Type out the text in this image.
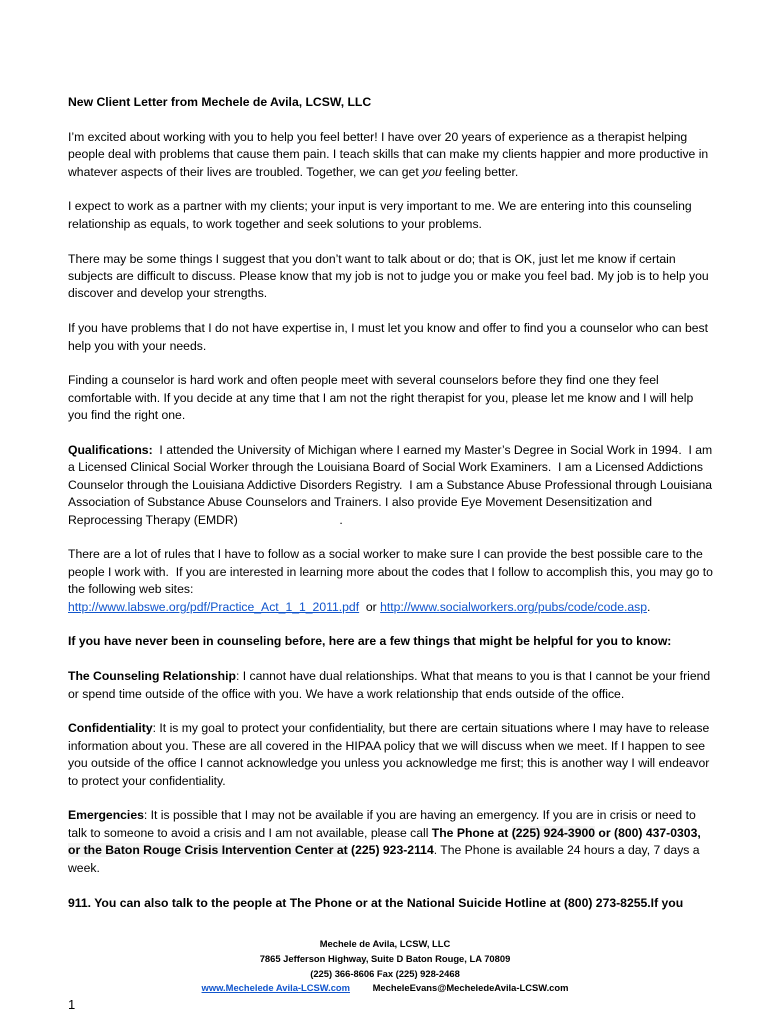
New Client Letter from Mechele de Avila, LCSW, LLC

I’m excited about working with you to help you feel better! I have over 20 years of experience as a therapist helping people deal with problems that cause them pain. I teach skills that can make my clients happier and more productive in whatever aspects of their lives are troubled. Together, we can get you feeling better.

I expect to work as a partner with my clients; your input is very important to me. We are entering into this counseling relationship as equals, to work together and seek solutions to your problems.

There may be some things I suggest that you don’t want to talk about or do; that is OK, just let me know if certain subjects are difficult to discuss. Please know that my job is not to judge you or make you feel bad. My job is to help you discover and develop your strengths.

If you have problems that I do not have expertise in, I must let you know and offer to find you a counselor who can best help you with your needs.

Finding a counselor is hard work and often people meet with several counselors before they find one they feel comfortable with. If you decide at any time that I am not the right therapist for you, please let me know and I will help you find the right one.

Qualifications:  I attended the University of Michigan where I earned my Master’s Degree in Social Work in 1994.  I am a Licensed Clinical Social Worker through the Louisiana Board of Social Work Examiners.  I am a Licensed Addictions Counselor through the Louisiana Addictive Disorders Registry.  I am a Substance Abuse Professional through Louisiana Association of Substance Abuse Counselors and Trainers. I also provide Eye Movement Desensitization and Reprocessing Therapy (EMDR)                              .

There are a lot of rules that I have to follow as a social worker to make sure I can provide the best possible care to the people I work with.  If you are interested in learning more about the codes that I follow to accomplish this, you may go to the following web sites:
http://www.labswe.org/pdf/Practice_Act_1_1_2011.pdf  or http://www.socialworkers.org/pubs/code/code.asp.

If you have never been in counseling before, here are a few things that might be helpful for you to know:

The Counseling Relationship: I cannot have dual relationships. What that means to you is that I cannot be your friend or spend time outside of the office with you. We have a work relationship that ends outside of the office.

Confidentiality: It is my goal to protect your confidentiality, but there are certain situations where I may have to release information about you. These are all covered in the HIPAA policy that we will discuss when we meet. If I happen to see you outside of the office I cannot acknowledge you unless you acknowledge me first; this is another way I will endeavor to protect your confidentiality.

Emergencies: It is possible that I may not be available if you are having an emergency. If you are in crisis or need to talk to someone to avoid a crisis and I am not available, please call The Phone at (225) 924-3900 or (800) 437-0303, or the Baton Rouge Crisis Intervention Center at (225) 923-2114. The Phone is available 24 hours a day, 7 days a week.

911. You can also talk to the people at The Phone or at the National Suicide Hotline at (800) 273-8255.If you

Mechele de Avila, LCSW, LLC
7865 Jefferson Highway, Suite D Baton Rouge, LA 70809
(225) 366-8606 Fax (225) 928-2468
www.Mechelede Avila-LCSW.com MecheleEvans@MecheledeAvila-LCSW.com
1
